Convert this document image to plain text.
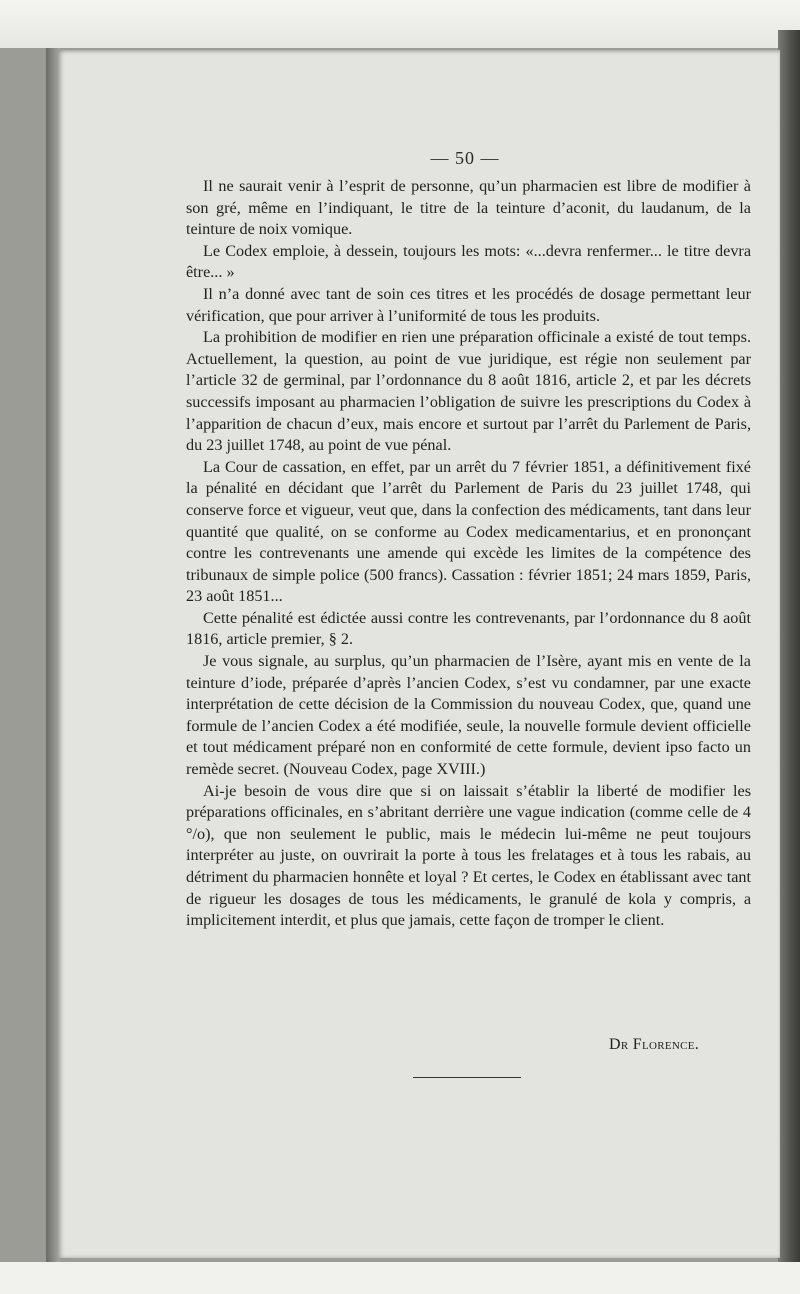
— 50 —

Il ne saurait venir à l’esprit de personne, qu’un pharmacien est libre de modifier à son gré, même en l’indiquant, le titre de la teinture d’aconit, du laudanum, de la teinture de noix vomique.

Le Codex emploie, à dessein, toujours les mots: «...devra renfermer... le titre devra être... »

Il n’a donné avec tant de soin ces titres et les procédés de dosage permettant leur vérification, que pour arriver à l’uniformité de tous les produits.

La prohibition de modifier en rien une préparation officinale a existé de tout temps. Actuellement, la question, au point de vue juridique, est régie non seulement par l’article 32 de germinal, par l’ordonnance du 8 août 1816, article 2, et par les décrets successifs imposant au pharmacien l’obligation de suivre les prescriptions du Codex à l’apparition de chacun d’eux, mais encore et surtout par l’arrêt du Parlement de Paris, du 23 juillet 1748, au point de vue pénal.

La Cour de cassation, en effet, par un arrêt du 7 février 1851, a définitivement fixé la pénalité en décidant que l’arrêt du Parlement de Paris du 23 juillet 1748, qui conserve force et vigueur, veut que, dans la confection des médicaments, tant dans leur quantité que qualité, on se conforme au Codex medicamentarius, et en prononçant contre les contrevenants une amende qui excède les limites de la compétence des tribunaux de simple police (500 francs). Cassation : février 1851; 24 mars 1859, Paris, 23 août 1851...

Cette pénalité est édictée aussi contre les contrevenants, par l’ordonnance du 8 août 1816, article premier, § 2.

Je vous signale, au surplus, qu’un pharmacien de l’Isère, ayant mis en vente de la teinture d’iode, préparée d’après l’ancien Codex, s’est vu condamner, par une exacte interprétation de cette décision de la Commission du nouveau Codex, que, quand une formule de l’ancien Codex a été modifiée, seule, la nouvelle formule devient officielle et tout médicament préparé non en conformité de cette formule, devient ipso facto un remède secret. (Nouveau Codex, page XVIII.)

Ai-je besoin de vous dire que si on laissait s’établir la liberté de modifier les préparations officinales, en s’abritant derrière une vague indication (comme celle de 4 °/o), que non seulement le public, mais le médecin lui-même ne peut toujours interpréter au juste, on ouvrirait la porte à tous les frelatages et à tous les rabais, au détriment du pharmacien honnête et loyal ? Et certes, le Codex en établissant avec tant de rigueur les dosages de tous les médicaments, le granulé de kola y compris, a implicitement interdit, et plus que jamais, cette façon de tromper le client.

Dr Florence.
